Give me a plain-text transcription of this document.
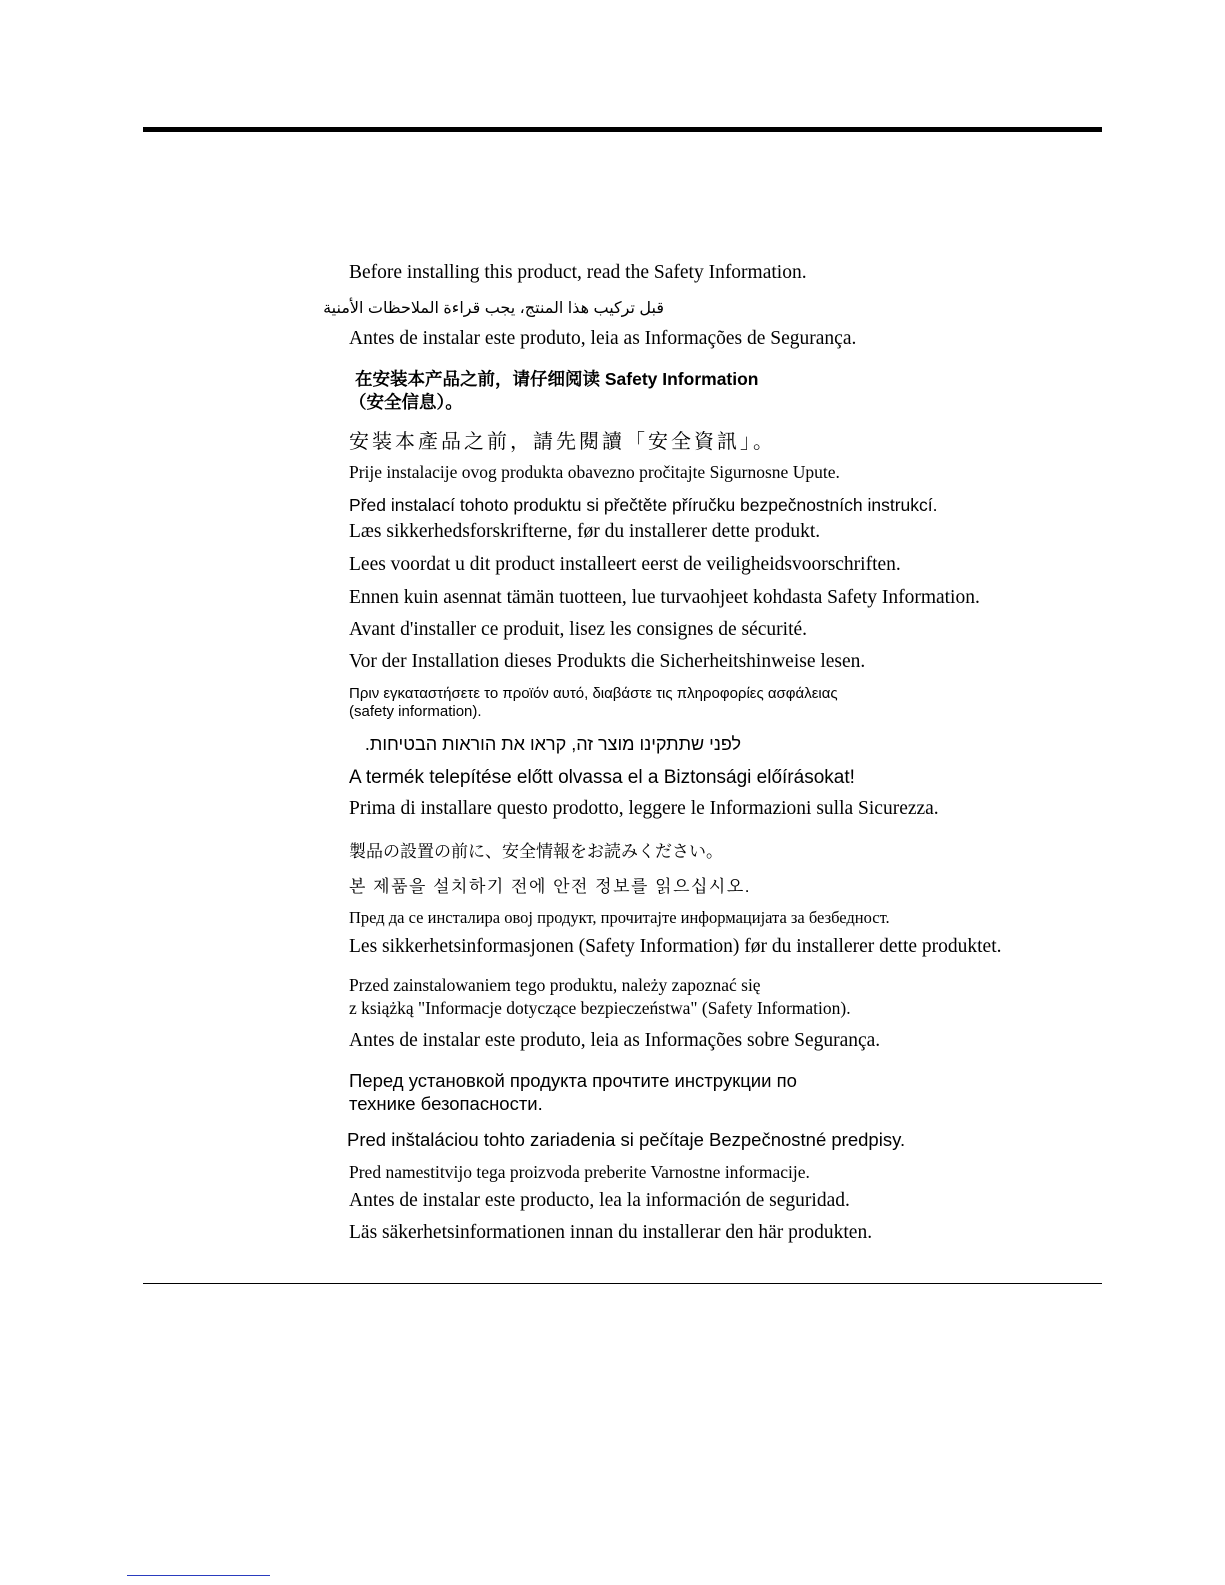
Before installing this product, read the Safety Information.

قبل تركيب هذا المنتج، يجب قراءة الملاحظات الأمنية

Antes de instalar este produto, leia as Informações de Segurança.

在安装本产品之前，请仔细阅读 Safety Information

（安全信息）。

安装本產品之前，請先閱讀「安全資訊」。

Prije instalacije ovog produkta obavezno pročitajte Sigurnosne Upute.

Před instalací tohoto produktu si přečtěte příručku bezpečnostních instrukcí.

Læs sikkerhedsforskrifterne, før du installerer dette produkt.

Lees voordat u dit product installeert eerst de veiligheidsvoorschriften.

Ennen kuin asennat tämän tuotteen, lue turvaohjeet kohdasta Safety Information.

Avant d'installer ce produit, lisez les consignes de sécurité.

Vor der Installation dieses Produkts die Sicherheitshinweise lesen.

Πριν εγκαταστήσετε το προϊόν αυτό, διαβάστε τις πληροφορίες ασφάλειας

(safety information).

לפני שתתקינו מוצר זה, קראו את הוראות הבטיחות.

A termék telepítése előtt olvassa el a Biztonsági előírásokat!

Prima di installare questo prodotto, leggere le Informazioni sulla Sicurezza.

製品の設置の前に、安全情報をお読みください。

본 제품을 설치하기 전에 안전 정보를 읽으십시오.

Пред да се инсталира овој продукт, прочитајте информацијата за безбедност.

Les sikkerhetsinformasjonen (Safety Information) før du installerer dette produktet.

Przed zainstalowaniem tego produktu, należy zapoznać się

z książką "Informacje dotyczące bezpieczeństwa" (Safety Information).

Antes de instalar este produto, leia as Informações sobre Segurança.

Перед установкой продукта прочтите инструкции по

технике безопасности.

Pred inštaláciou tohto zariadenia si pečítaje Bezpečnostné predpisy.

Pred namestitvijo tega proizvoda preberite Varnostne informacije.

Antes de instalar este producto, lea la información de seguridad.

Läs säkerhetsinformationen innan du installerar den här produkten.
